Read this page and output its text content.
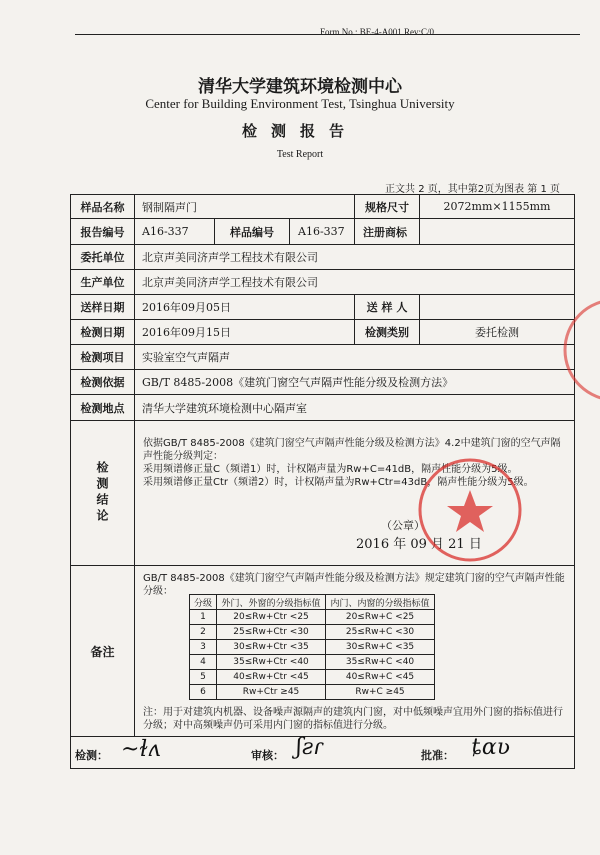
Form No.: BE-4-A001 Rev:C/0
清华大学建筑环境检测中心
Center for Building Environment Test, Tsinghua University
检测报告
Test Report
正文共 2 页，其中第2页为图表 第 1 页
样品名称	钢制隔声门	规格尺寸	2072mm×1155mm
报告编号	A16-337	样品编号	A16-337	注册商标
委托单位	北京声美同济声学工程技术有限公司
生产单位	北京声美同济声学工程技术有限公司
送样日期	2016年09月05日	送 样 人
检测日期	2016年09月15日	检测类别	委托检测
检测项目	实验室空气声隔声
检测依据	GB/T 8485-2008《建筑门窗空气声隔声性能分级及检测方法》
检测地点	清华大学建筑环境检测中心隔声室
检测结论
依据GB/T 8485-2008《建筑门窗空气声隔声性能分级及检测方法》4.2中建筑门窗的空气声隔声性能分级判定：
采用频谱修正量C（频谱1）时，计权隔声量为Rw+C=41dB，隔声性能分级为5级。
采用频谱修正量Ctr（频谱2）时，计权隔声量为Rw+Ctr=43dB，隔声性能分级为5级。
（公章）
2016 年 09 月 21 日
备注
GB/T 8485-2008《建筑门窗空气声隔声性能分级及检测方法》规定建筑门窗的空气声隔声性能分级：
分级	外门、外窗的分级指标值	内门、内窗的分级指标值
1	20≤Rw+Ctr <25	20≤Rw+C <25
2	25≤Rw+Ctr <30	25≤Rw+C <30
3	30≤Rw+Ctr <35	30≤Rw+C <35
4	35≤Rw+Ctr <40	35≤Rw+C <40
5	40≤Rw+Ctr <45	40≤Rw+C <45
6	Rw+Ctr ≥45	Rw+C ≥45
注：用于对建筑内机器、设备噪声源隔声的建筑内门窗，对中低频噪声宜用外门窗的指标值进行分级；对中高频噪声仍可采用内门窗的指标值进行分级。
检测： ~ɫʌ	审核： ʃƨɾ	批准： ȶɑʋ
